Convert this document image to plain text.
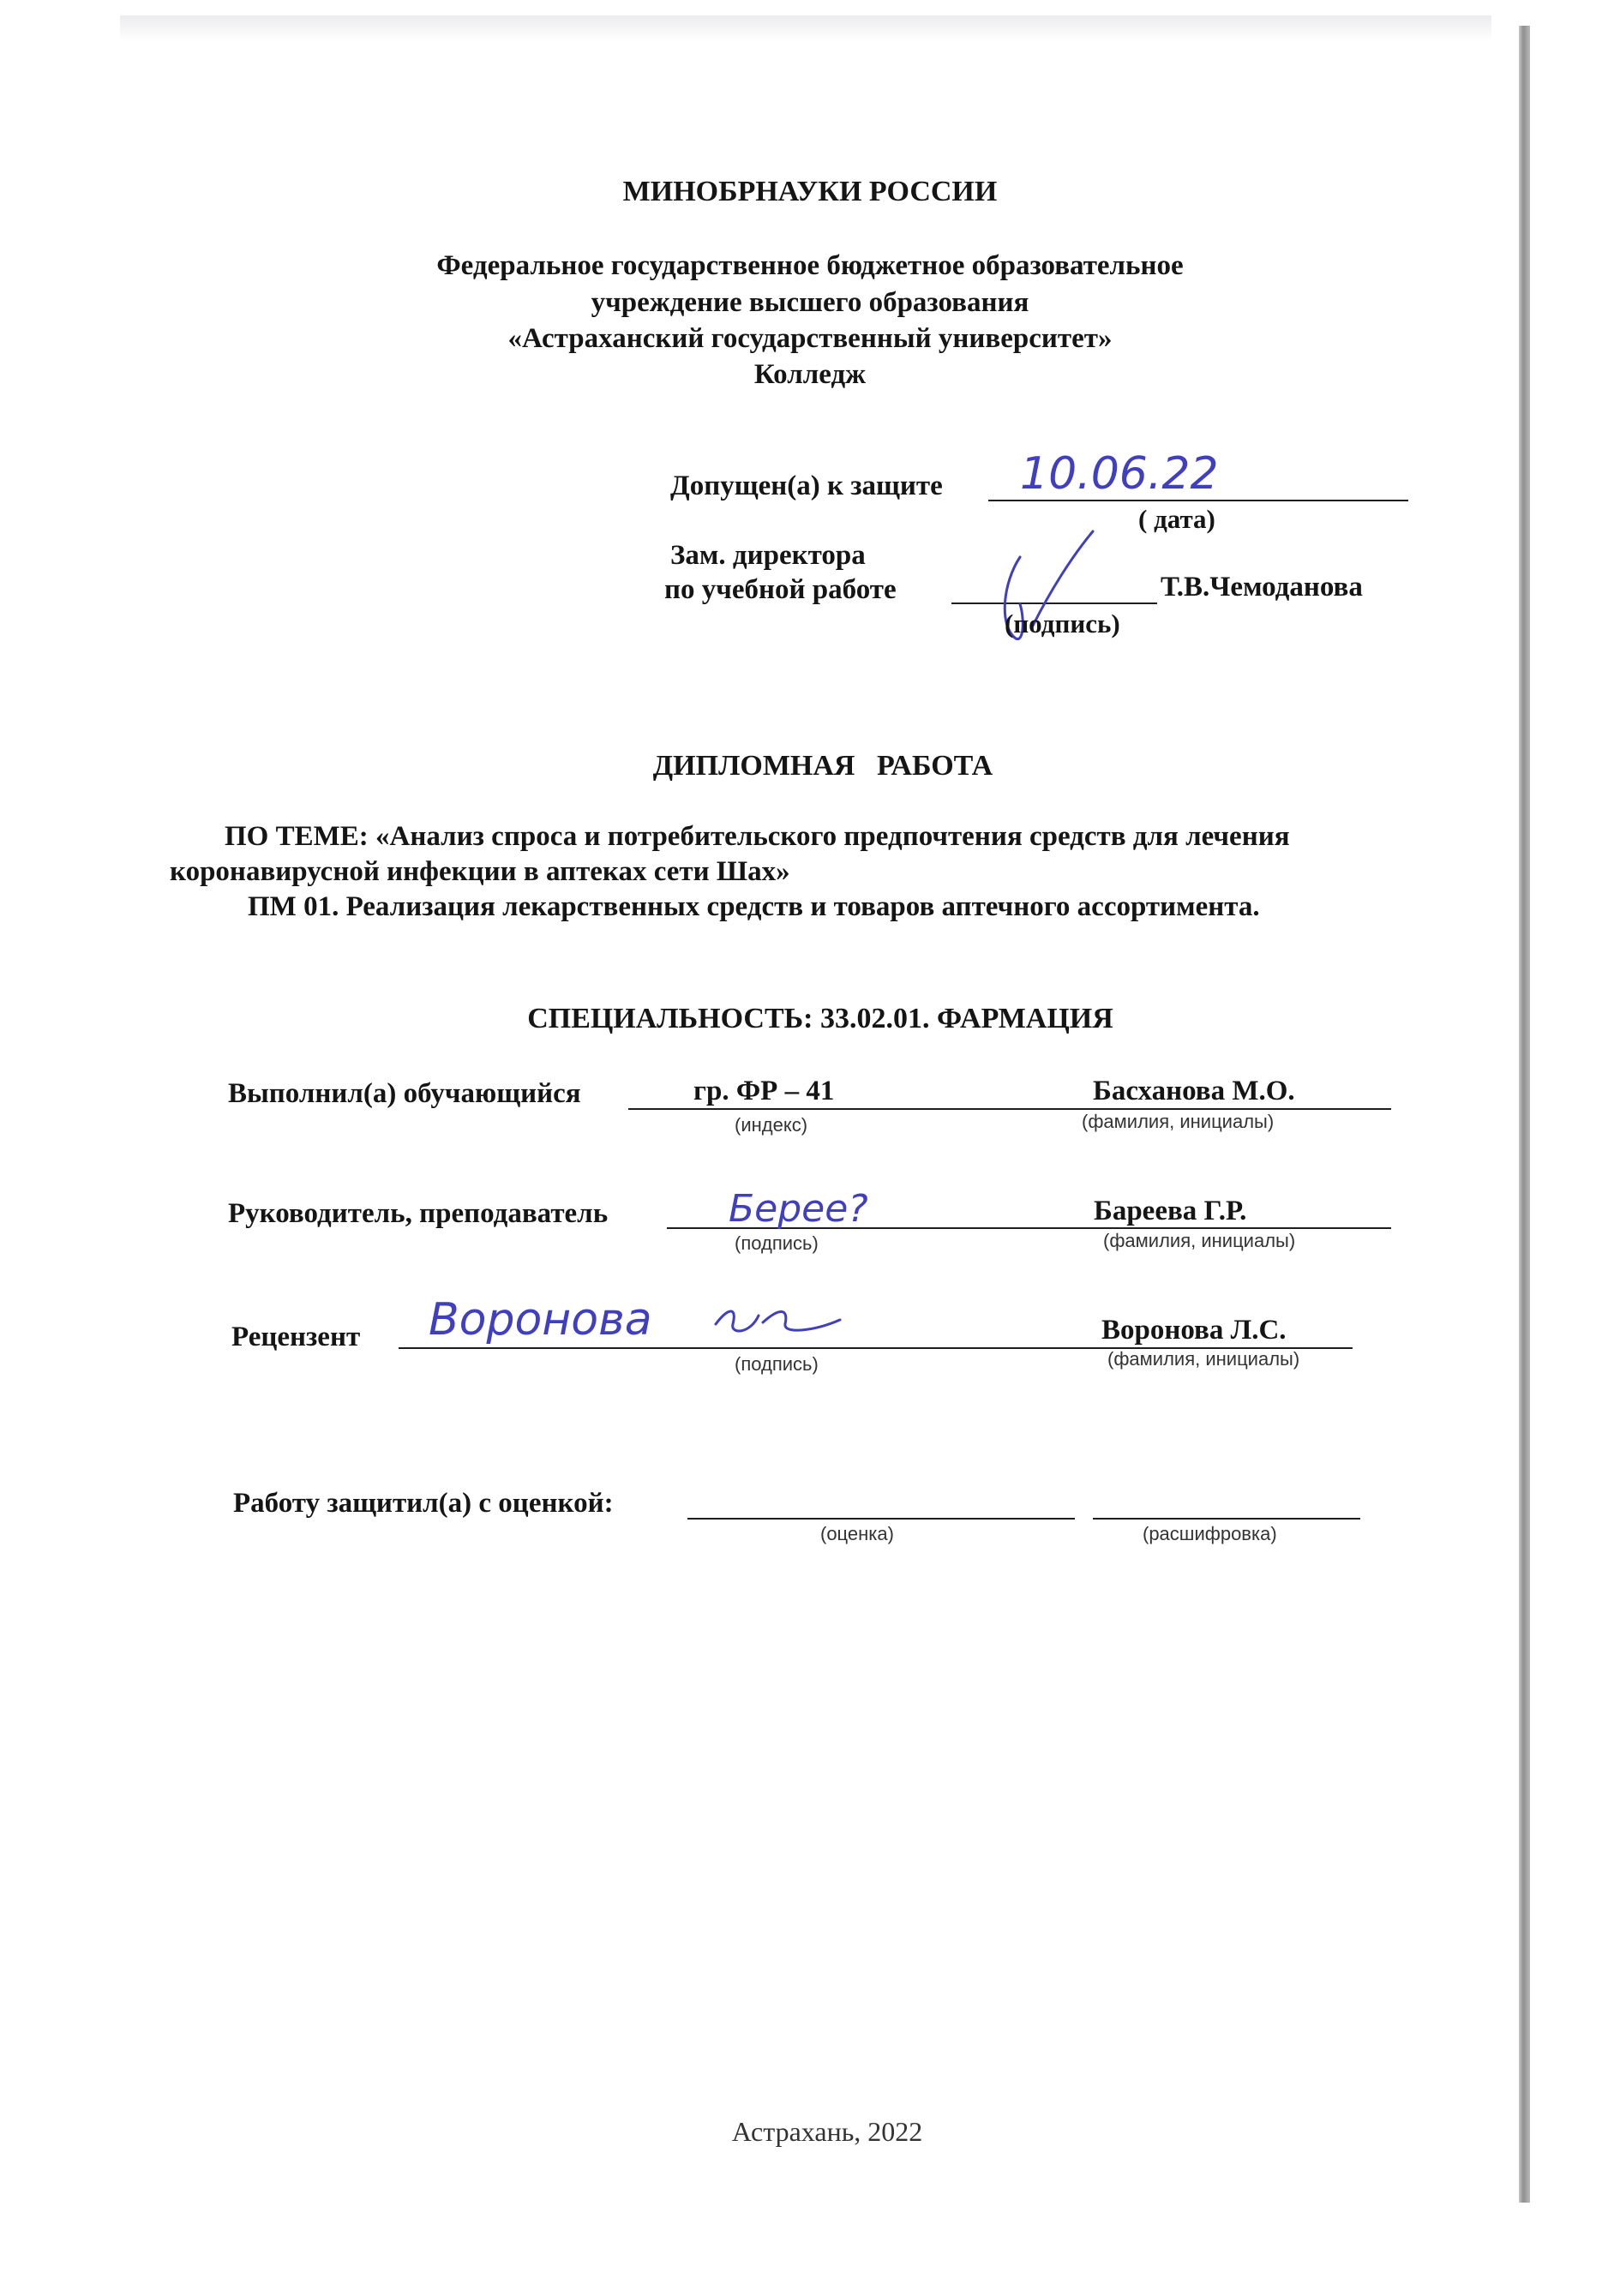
МИНОБРНАУКИ РОССИИ
Федеральное государственное бюджетное образовательное
учреждение высшего образования
«Астраханский государственный университет»
Колледж
Допущен(а) к защите 10.06.22
( дата)
Зам. директора
по учебной работе	Т.В.Чемоданова
(подпись)
ДИПЛОМНАЯ   РАБОТА
ПО ТЕМЕ: «Анализ спроса и потребительского предпочтения средств для лечения
коронавирусной инфекции в аптеках сети Шах»
ПМ 01. Реализация лекарственных средств и товаров аптечного ассортимента.
СПЕЦИАЛЬНОСТЬ: 33.02.01. ФАРМАЦИЯ
Выполнил(а) обучающийся	гр. ФР – 41	Басханова М.О.
(индекс)	(фамилия, инициалы)
Руководитель, преподаватель	Берее?	Бареева Г.Р.
(подпись)	(фамилия, инициалы)
Рецензент Воронова	Воронова Л.С.
(подпись)	(фамилия, инициалы)
Работу защитил(а) с оценкой:
(оценка)	(расшифровка)
Астрахань, 2022
